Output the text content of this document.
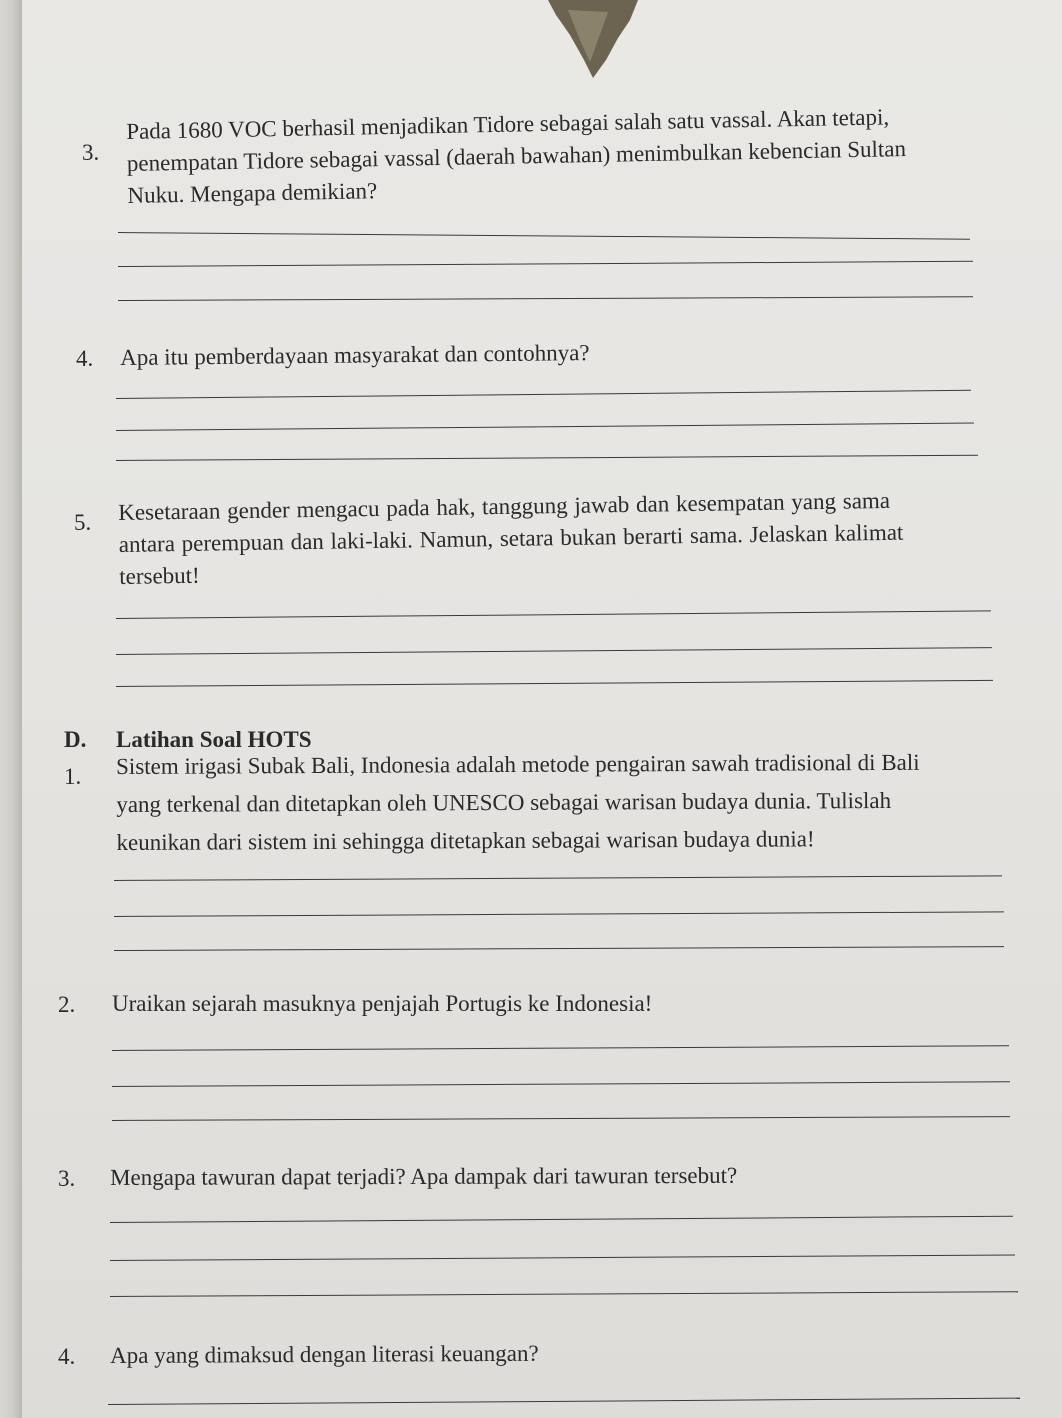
3.
Pada 1680 VOC berhasil menjadikan Tidore sebagai salah satu vassal. Akan tetapi,
penempatan Tidore sebagai vassal (daerah bawahan) menimbulkan kebencian Sultan
Nuku. Mengapa demikian?
4. Apa itu pemberdayaan masyarakat dan contohnya?
5. Kesetaraan gender mengacu pada hak, tanggung jawab dan kesempatan yang sama
antara perempuan dan laki-laki. Namun, setara bukan berarti sama. Jelaskan kalimat
tersebut!
D. Latihan Soal HOTS
1. Sistem irigasi Subak Bali, Indonesia adalah metode pengairan sawah tradisional di Bali
yang terkenal dan ditetapkan oleh UNESCO sebagai warisan budaya dunia. Tulislah
keunikan dari sistem ini sehingga ditetapkan sebagai warisan budaya dunia!
2. Uraikan sejarah masuknya penjajah Portugis ke Indonesia!
3. Mengapa tawuran dapat terjadi? Apa dampak dari tawuran tersebut?
4. Apa yang dimaksud dengan literasi keuangan?
